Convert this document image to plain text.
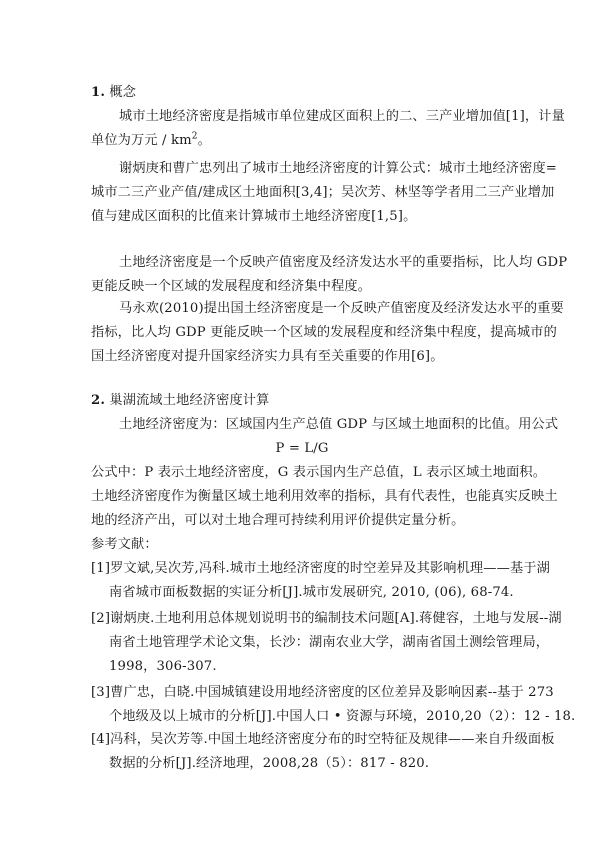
1. 概念
城市土地经济密度是指城市单位建成区面积上的二、三产业增加值[1]，计量
单位为万元 / $km^2$。
谢炳庚和曹广忠列出了城市土地经济密度的计算公式：城市土地经济密度=
城市二三产业产值/建成区土地面积[3,4]；吴次芳、林坚等学者用二三产业增加
值与建成区面积的比值来计算城市土地经济密度[1,5]。
土地经济密度是一个反映产值密度及经济发达水平的重要指标，比人均 GDP
更能反映一个区域的发展程度和经济集中程度。
马永欢(2010)提出国土经济密度是一个反映产值密度及经济发达水平的重要
指标，比人均 GDP 更能反映一个区域的发展程度和经济集中程度，提高城市的
国土经济密度对提升国家经济实力具有至关重要的作用[6]。
2. 巢湖流域土地经济密度计算
土地经济密度为：区域国内生产总值 GDP 与区域土地面积的比值。用公式
P = L/G
公式中：P 表示土地经济密度，G 表示国内生产总值，L 表示区域土地面积。
土地经济密度作为衡量区域土地利用效率的指标，具有代表性，也能真实反映土
地的经济产出，可以对土地合理可持续利用评价提供定量分析。
参考文献：
[1]罗文斌,吴次芳,冯科.城市土地经济密度的时空差异及其影响机理——基于湖
南省城市面板数据的实证分析[J].城市发展研究, 2010, (06), 68-74.
[2]谢炳庚.土地利用总体规划说明书的编制技术问题[A].蒋健容，土地与发展--湖
南省土地管理学术论文集，长沙：湖南农业大学，湖南省国土测绘管理局，
1998，306-307.
[3]曹广忠，白晓.中国城镇建设用地经济密度的区位差异及影响因素--基于 273
个地级及以上城市的分析[J].中国人口 • 资源与环境，2010,20（2）：12 - 18.
[4]冯科，吴次芳等.中国土地经济密度分布的时空特征及规律——来自升级面板
数据的分析[J].经济地理，2008,28（5）：817 - 820.
